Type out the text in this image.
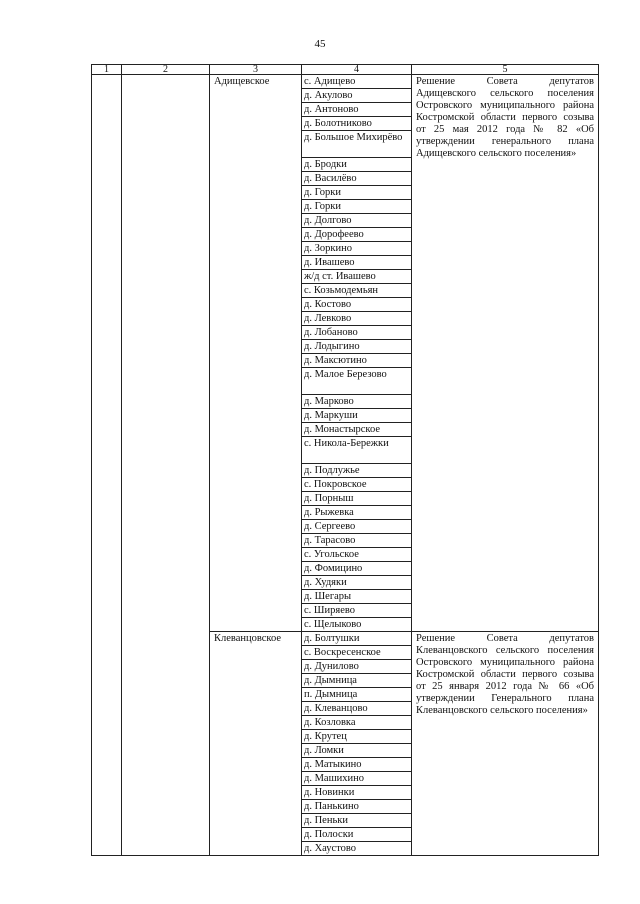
45
1	2	3	4	5
		Адищевское	с. Адищево	Решение Совета депутатов Адищевского сельского поселения Островского муниципального района Костромской области первого созыва от 25 мая 2012 года № 82 «Об утверждении генерального плана Адищевского сельского поселения»
			д. Акулово	
			д. Антоново	
			д. Болотниково	
			д. Большое Михирёво	
			д. Бродки	
			д. Василёво	
			д. Горки	
			д. Горки	
			д. Долгово	
			д. Дорофеево	
			д. Зоркино	
			д. Ивашево	
			ж/д ст. Ивашево	
			с. Козьмодемьян	
			д. Костово	
			д. Левково	
			д. Лобаново	
			д. Лодыгино	
			д. Максютино	
			д. Малое Березово	
			д. Марково	
			д. Маркуши	
			д. Монастырское	
			с. Никола-Бережки	
			д. Подлужье	
			с. Покровское	
			д. Порныш	
			д. Рыжевка	
			д. Сергеево	
			д. Тарасово	
			с. Угольское	
			д. Фомицино	
			д. Худяки	
			д. Шегары	
			с. Ширяево	
			с. Щелыково	
		Клеванцовское	д. Болтушки	Решение Совета депутатов Клеванцовского сельского поселения Островского муниципального района Костромской области первого созыва от 25 января 2012 года № 66 «Об утверждении Генерального плана Клеванцовского сельского поселения»
			с. Воскресенское	
			д. Дунилово	
			д. Дымница	
			п. Дымница	
			д. Клеванцово	
			д. Козловка	
			д. Крутец	
			д. Ломки	
			д. Матыкино	
			д. Машихино	
			д. Новинки	
			д. Панькино	
			д. Пеньки	
			д. Полоски	
			д. Хаустово	
